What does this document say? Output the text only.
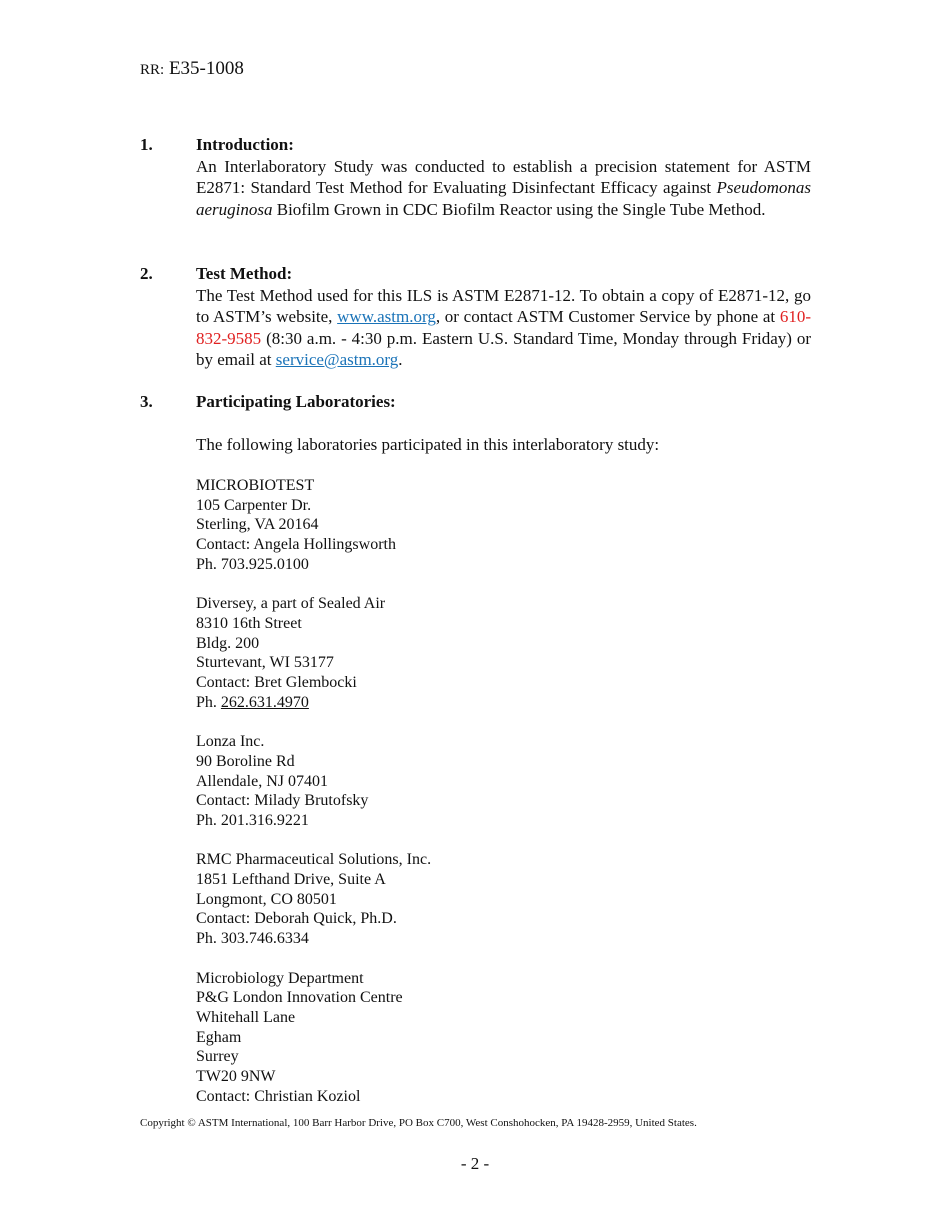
RR: E35-1008
1.	Introduction:
An Interlaboratory Study was conducted to establish a precision statement for ASTM E2871: Standard Test Method for Evaluating Disinfectant Efficacy against Pseudomonas aeruginosa Biofilm Grown in CDC Biofilm Reactor using the Single Tube Method.
2.	Test Method:
The Test Method used for this ILS is ASTM E2871-12. To obtain a copy of E2871-12, go to ASTM’s website, www.astm.org, or contact ASTM Customer Service by phone at 610-832-9585 (8:30 a.m. - 4:30 p.m. Eastern U.S. Standard Time, Monday through Friday) or by email at service@astm.org.
3.	Participating Laboratories:
The following laboratories participated in this interlaboratory study:
MICROBIOTEST
105 Carpenter Dr.
Sterling, VA 20164
Contact: Angela Hollingsworth
Ph. 703.925.0100
Diversey, a part of Sealed Air
8310 16th Street
Bldg. 200
Sturtevant, WI 53177
Contact: Bret Glembocki
Ph. 262.631.4970
Lonza Inc.
90 Boroline Rd
Allendale, NJ 07401
Contact: Milady Brutofsky
Ph. 201.316.9221
RMC Pharmaceutical Solutions, Inc.
1851 Lefthand Drive, Suite A
Longmont, CO 80501
Contact: Deborah Quick, Ph.D.
Ph. 303.746.6334
Microbiology Department
P&G London Innovation Centre
Whitehall Lane
Egham
Surrey
TW20 9NW
Contact: Christian Koziol
Copyright © ASTM International, 100 Barr Harbor Drive, PO Box C700, West Conshohocken, PA 19428-2959, United States.
- 2 -
